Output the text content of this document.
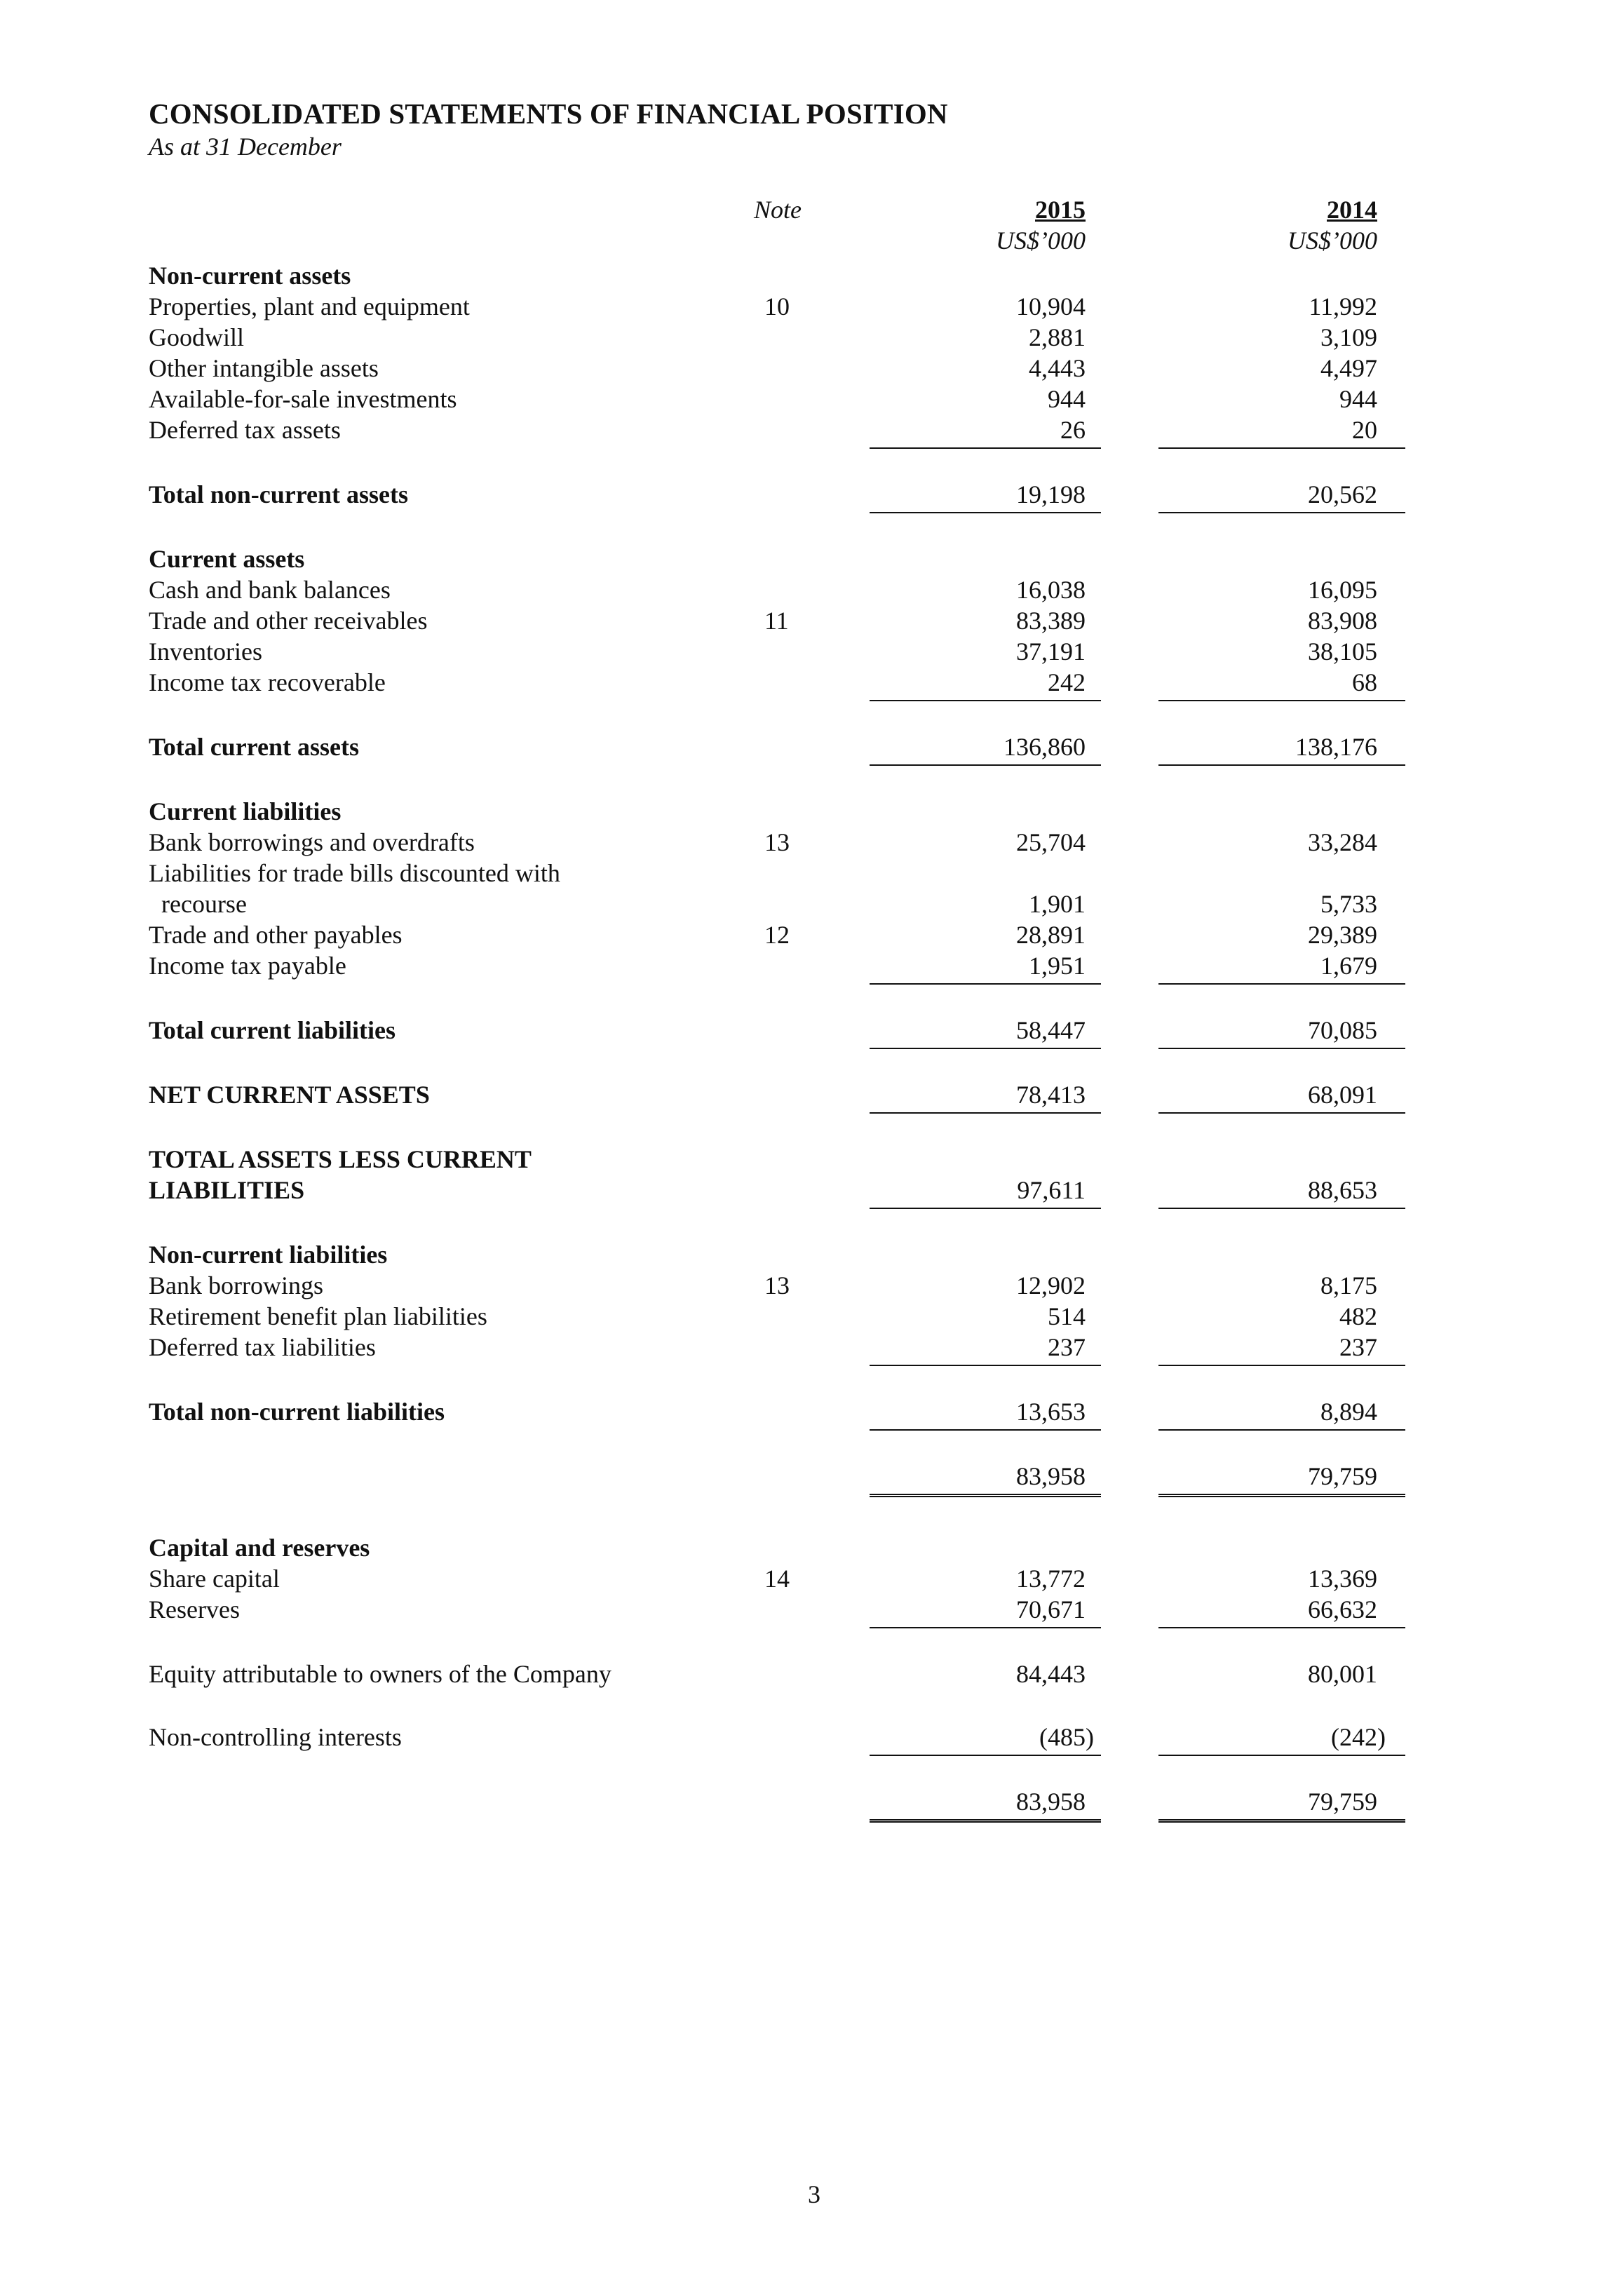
CONSOLIDATED STATEMENTS OF FINANCIAL POSITION
As at 31 December
Note	2015	2014
US$’000	US$’000
Non-current assets
Properties, plant and equipment	10	10,904	11,992
Goodwill	2,881	3,109
Other intangible assets	4,443	4,497
Available-for-sale investments	944	944
Deferred tax assets	26	20
Total non-current assets	19,198	20,562
Current assets
Cash and bank balances	16,038	16,095
Trade and other receivables	11	83,389	83,908
Inventories	37,191	38,105
Income tax recoverable	242	68
Total current assets	136,860	138,176
Current liabilities
Bank borrowings and overdrafts	13	25,704	33,284
Liabilities for trade bills discounted with
recourse	1,901	5,733
Trade and other payables	12	28,891	29,389
Income tax payable	1,951	1,679
Total current liabilities	58,447	70,085
NET CURRENT ASSETS	78,413	68,091
TOTAL ASSETS LESS CURRENT
LIABILITIES	97,611	88,653
Non-current liabilities
Bank borrowings	13	12,902	8,175
Retirement benefit plan liabilities	514	482
Deferred tax liabilities	237	237
Total non-current liabilities	13,653	8,894
83,958	79,759
Capital and reserves
Share capital	14	13,772	13,369
Reserves	70,671	66,632
Equity attributable to owners of the Company	84,443	80,001
Non-controlling interests	(485)	(242)
83,958	79,759
3
